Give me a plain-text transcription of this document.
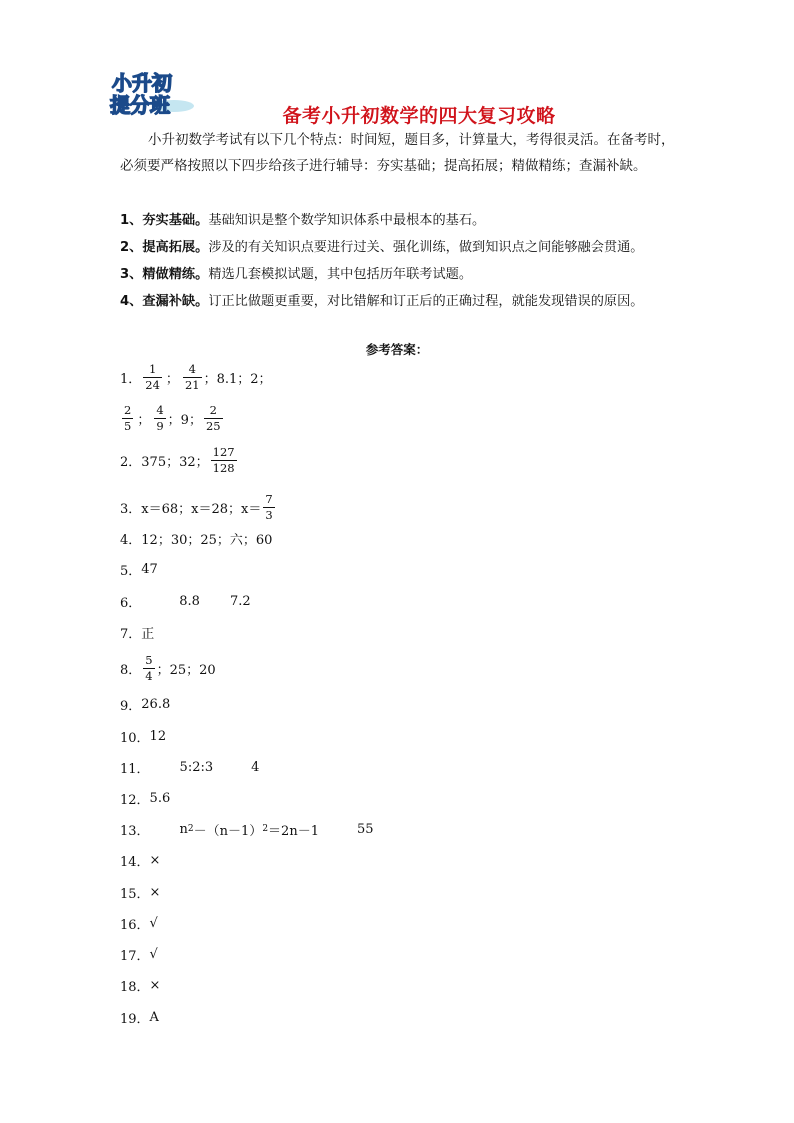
小升初
提分班	备考小升初数学的四大复习攻略
小升初数学考试有以下几个特点：时间短，题目多，计算量大，考得很灵活。在备考时，必须要严格按照以下四步给孩子进行辅导：夯实基础；提高拓展；精做精练；查漏补缺。
1、夯实基础。基础知识是整个数学知识体系中最根本的基石。
2、提高拓展。涉及的有关知识点要进行过关、强化训练，做到知识点之间能够融会贯通。
3、精做精练。精选几套模拟试题，其中包括历年联考试题。
4、查漏补缺。订正比做题更重要，对比错解和订正后的正确过程，就能发现错误的原因。
参考答案：
1． $\frac{1}{24}$ ； $\frac{4}{21}$ ；8.1；2；
$\frac{2}{5}$ ； $\frac{4}{9}$ ；9； $\frac{2}{25}$
2． 375；32； $\frac{127}{128}$
3． x＝68；x＝28；$x= \frac{7}{3}$
4． 12；30；25；六；60
5． 47
6．	8.8 7.2
7． 正
8． $\frac{5}{4}$ ；25；20
9． 26.8
10． 12
11． 5:2:3	4
12． 5.6
13． n 2 －（n－1） 2 ＝2n－1	55
14． ×
15． ×
16． √
17． √
18． ×
19． A
